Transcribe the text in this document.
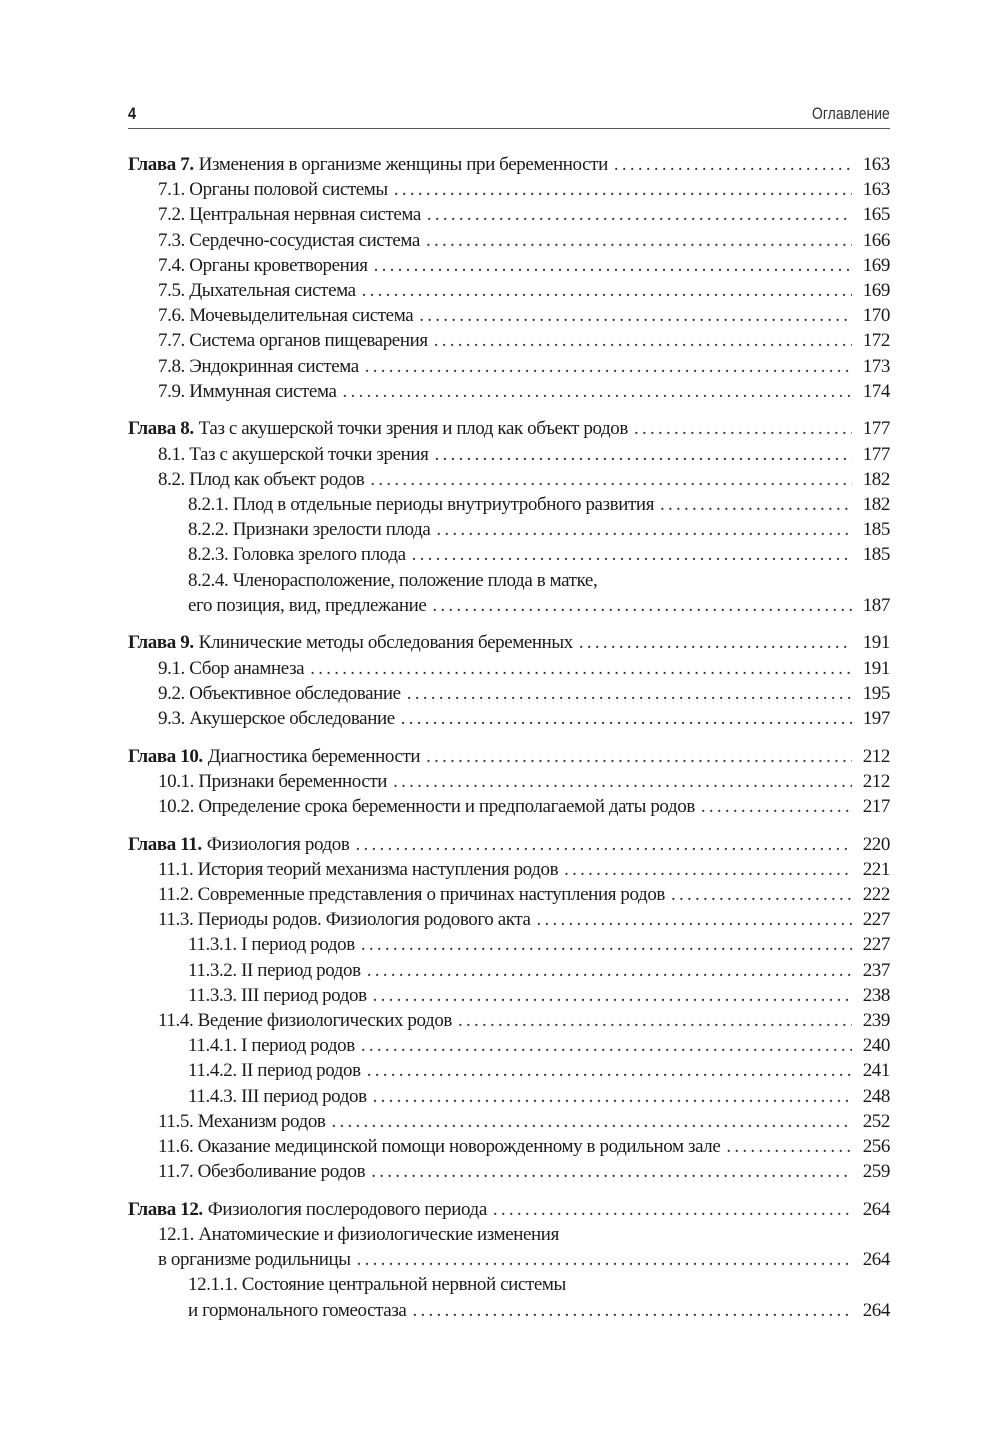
4	Оглавление
Глава 7. Изменения в организме женщины при беременности . . .	163
7.1. Органы половой системы . . .	163
7.2. Центральная нервная система . . .	165
7.3. Сердечно-сосудистая система . . .	166
7.4. Органы кроветворения . . .	169
7.5. Дыхательная система . . .	169
7.6. Мочевыделительная система . . .	170
7.7. Система органов пищеварения . . .	172
7.8. Эндокринная система . . .	173
7.9. Иммунная система . . .	174
Глава 8. Таз с акушерской точки зрения и плод как объект родов . . .	177
8.1. Таз с акушерской точки зрения . . .	177
8.2. Плод как объект родов . . .	182
8.2.1. Плод в отдельные периоды внутриутробного развития . . .	182
8.2.2. Признаки зрелости плода . . .	185
8.2.3. Головка зрелого плода . . .	185
8.2.4. Членорасположение, положение плода в матке,
его позиция, вид, предлежание . . .	187
Глава 9. Клинические методы обследования беременных . . .	191
9.1. Сбор анамнеза . . .	191
9.2. Объективное обследование . . .	195
9.3. Акушерское обследование . . .	197
Глава 10. Диагностика беременности . . .	212
10.1. Признаки беременности . . .	212
10.2. Определение срока беременности и предполагаемой даты родов . . .	217
Глава 11. Физиология родов . . .	220
11.1. История теорий механизма наступления родов . . .	221
11.2. Современные представления о причинах наступления родов . . .	222
11.3. Периоды родов. Физиология родового акта . . .	227
11.3.1. I период родов . . .	227
11.3.2. II период родов . . .	237
11.3.3. III период родов . . .	238
11.4. Ведение физиологических родов . . .	239
11.4.1. I период родов . . .	240
11.4.2. II период родов . . .	241
11.4.3. III период родов . . .	248
11.5. Механизм родов . . .	252
11.6. Оказание медицинской помощи новорожденному в родильном зале . . .	256
11.7. Обезболивание родов . . .	259
Глава 12. Физиология послеродового периода . . .	264
12.1. Анатомические и физиологические изменения
в организме родильницы . . .	264
12.1.1. Состояние центральной нервной системы
и гормонального гомеостаза . . .	264
